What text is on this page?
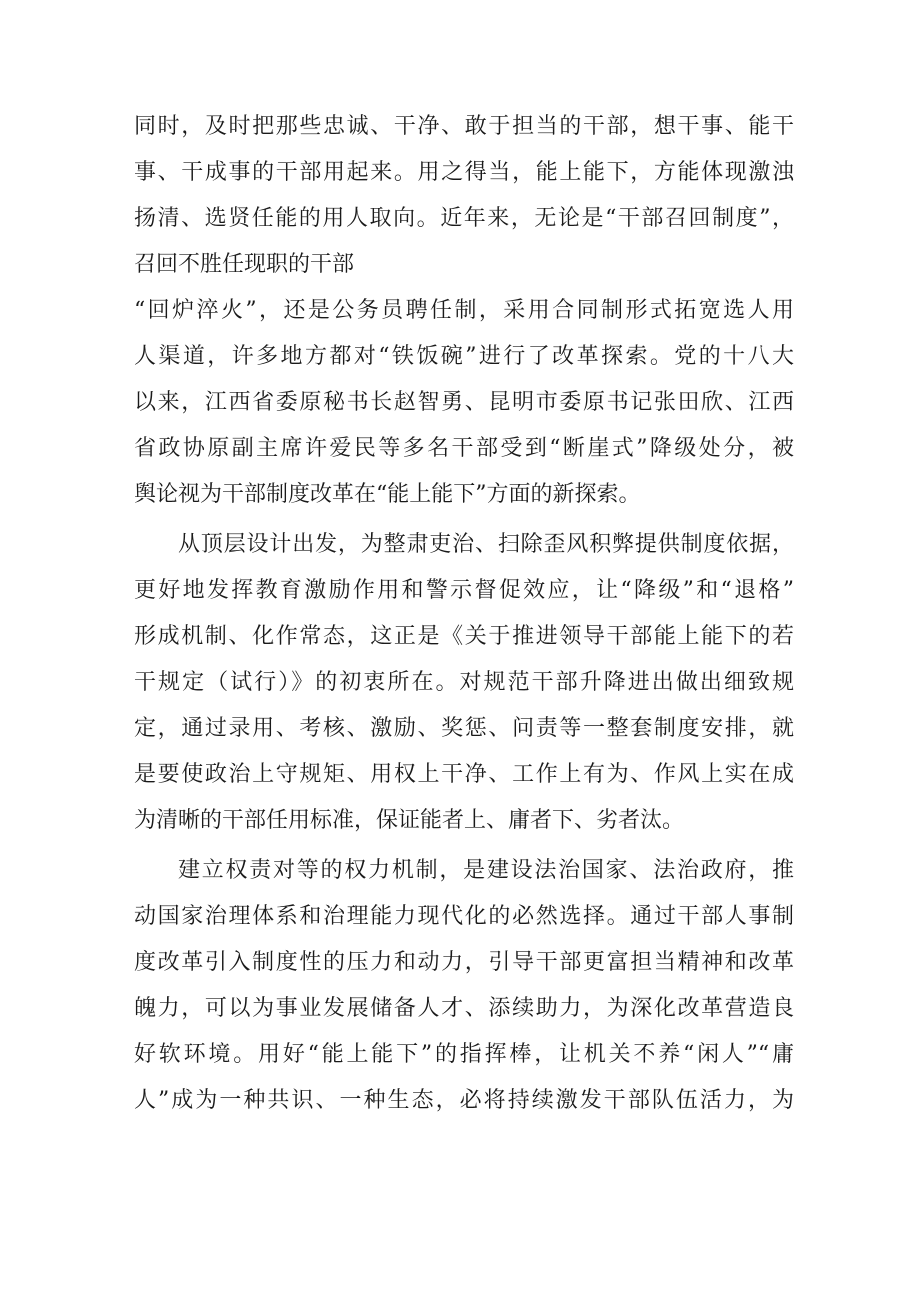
同时，及时把那些忠诚、干净、敢于担当的干部，想干事、能干
事、干成事的干部用起来。用之得当，能上能下，方能体现激浊
扬清、选贤任能的用人取向。近年来，无论是“干部召回制度”，
召回不胜任现职的干部
“回炉淬火”，还是公务员聘任制，采用合同制形式拓宽选人用
人渠道，许多地方都对“铁饭碗”进行了改革探索。党的十八大
以来，江西省委原秘书长赵智勇、昆明市委原书记张田欣、江西
省政协原副主席许爱民等多名干部受到“断崖式”降级处分，被
舆论视为干部制度改革在“能上能下”方面的新探索。
从顶层设计出发，为整肃吏治、扫除歪风积弊提供制度依据，
更好地发挥教育激励作用和警示督促效应，让“降级”和“退格”
形成机制、化作常态，这正是《关于推进领导干部能上能下的若
干规定（试行）》的初衷所在。对规范干部升降进出做出细致规
定，通过录用、考核、激励、奖惩、问责等一整套制度安排，就
是要使政治上守规矩、用权上干净、工作上有为、作风上实在成
为清晰的干部任用标准，保证能者上、庸者下、劣者汰。
建立权责对等的权力机制，是建设法治国家、法治政府，推
动国家治理体系和治理能力现代化的必然选择。通过干部人事制
度改革引入制度性的压力和动力，引导干部更富担当精神和改革
魄力，可以为事业发展储备人才、添续助力，为深化改革营造良
好软环境。用好“能上能下”的指挥棒，让机关不养“闲人”“庸
人”成为一种共识、一种生态，必将持续激发干部队伍活力，为
